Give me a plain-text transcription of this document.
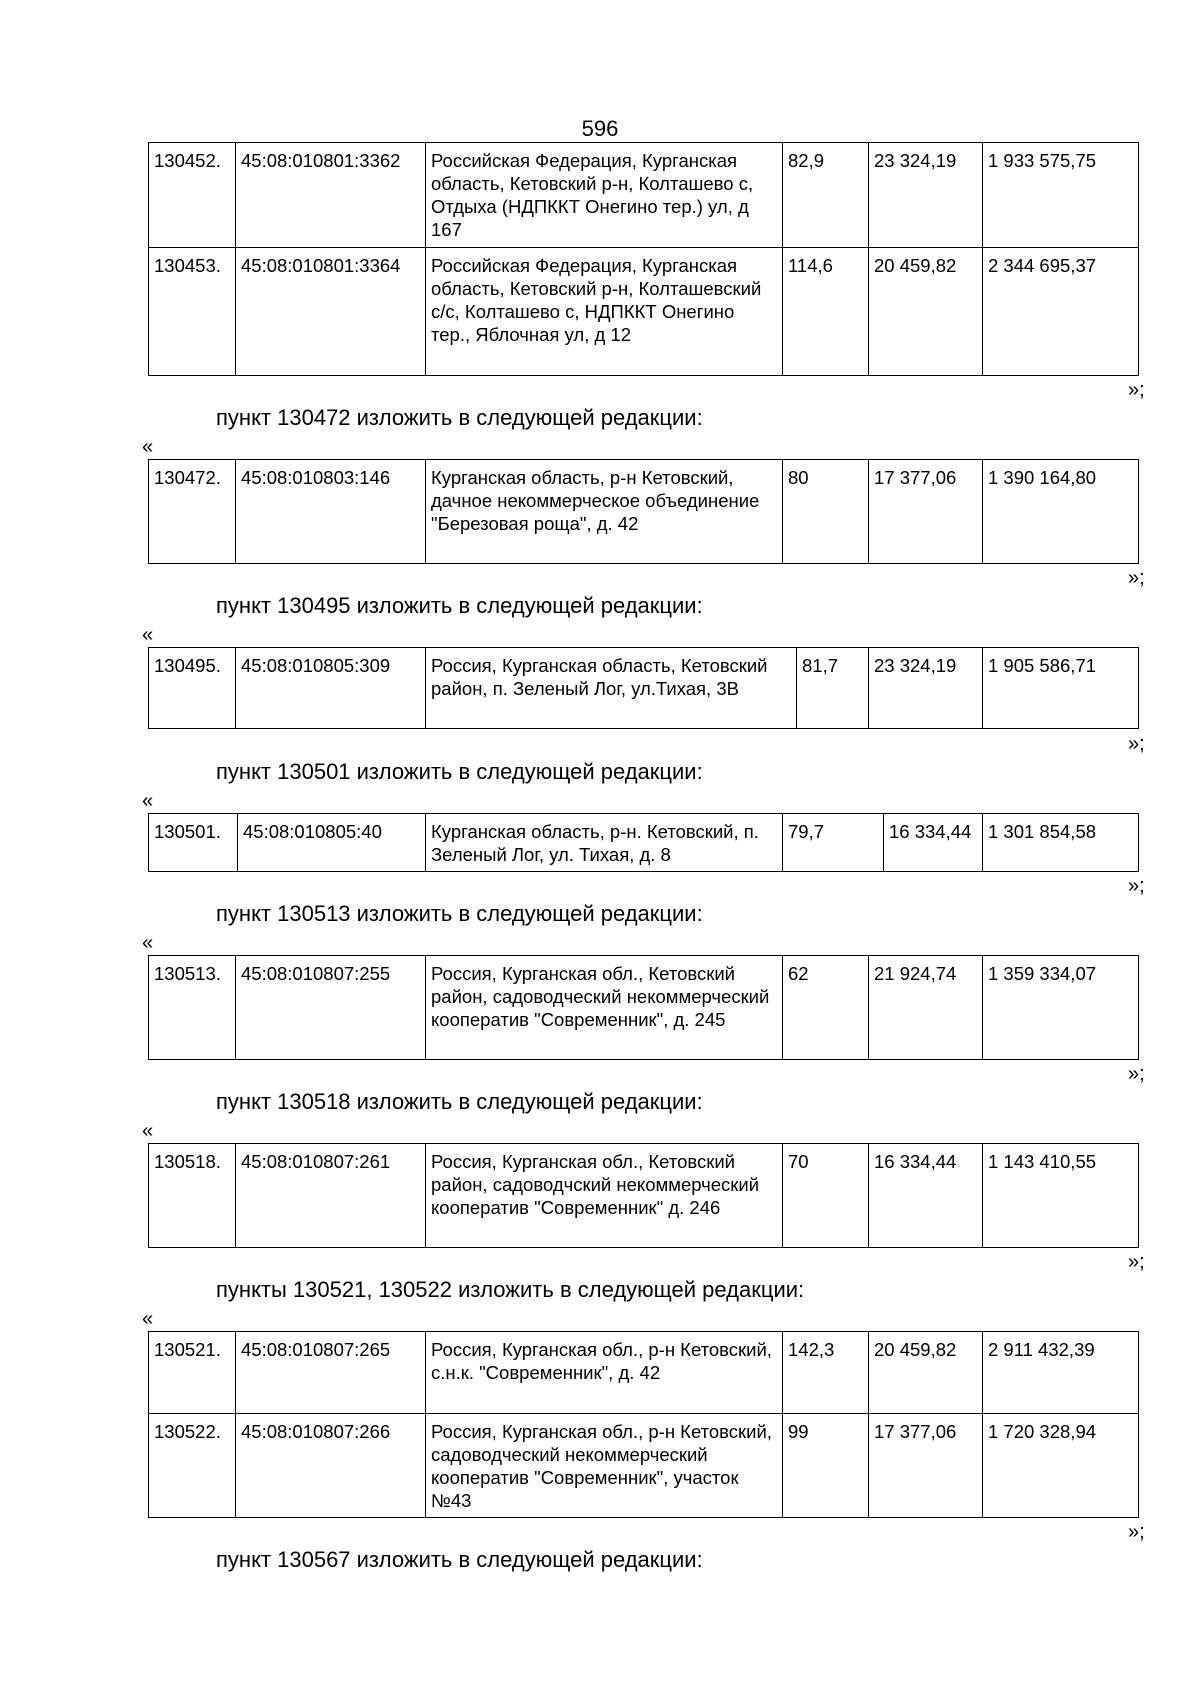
596
130452.	45:08:010801:3362	Российская Федерация, Курганская область, Кетовский р-н, Колташево с, Отдыха (НДПККТ Онегино тер.) ул, д 167	82,9	23 324,19	1 933 575,75
130453.	45:08:010801:3364	Российская Федерация, Курганская область, Кетовский р-н, Колташевский с/с, Колташево с, НДПККТ Онегино тер., Яблочная ул, д 12	114,6	20 459,82	2 344 695,37
»;
пункт 130472 изложить в следующей редакции:
«
130472.	45:08:010803:146	Курганская область, р-н Кетовский, дачное некоммерческое объединение "Березовая роща", д. 42	80	17 377,06	1 390 164,80
»;
пункт 130495 изложить в следующей редакции:
«
130495.	45:08:010805:309	Россия, Курганская область, Кетовский район, п. Зеленый Лог, ул.Тихая, 3В	81,7	23 324,19	1 905 586,71
»;
пункт 130501 изложить в следующей редакции:
«
130501.	45:08:010805:40	Курганская область, р-н. Кетовский, п. Зеленый Лог, ул. Тихая, д. 8	79,7	16 334,44	1 301 854,58
»;
пункт 130513 изложить в следующей редакции:
«
130513.	45:08:010807:255	Россия, Курганская обл., Кетовский район, садоводческий некоммерческий кооператив "Современник", д. 245	62	21 924,74	1 359 334,07
»;
пункт 130518 изложить в следующей редакции:
«
130518.	45:08:010807:261	Россия, Курганская обл., Кетовский район, садоводчский некоммерческий кооператив "Современник" д. 246	70	16 334,44	1 143 410,55
»;
пункты 130521, 130522 изложить в следующей редакции:
«
130521.	45:08:010807:265	Россия, Курганская обл., р-н Кетовский, с.н.к. "Современник", д. 42	142,3	20 459,82	2 911 432,39
130522.	45:08:010807:266	Россия, Курганская обл., р-н Кетовский, садоводческий некоммерческий кооператив "Современник", участок №43	99	17 377,06	1 720 328,94
»;
пункт 130567 изложить в следующей редакции:
